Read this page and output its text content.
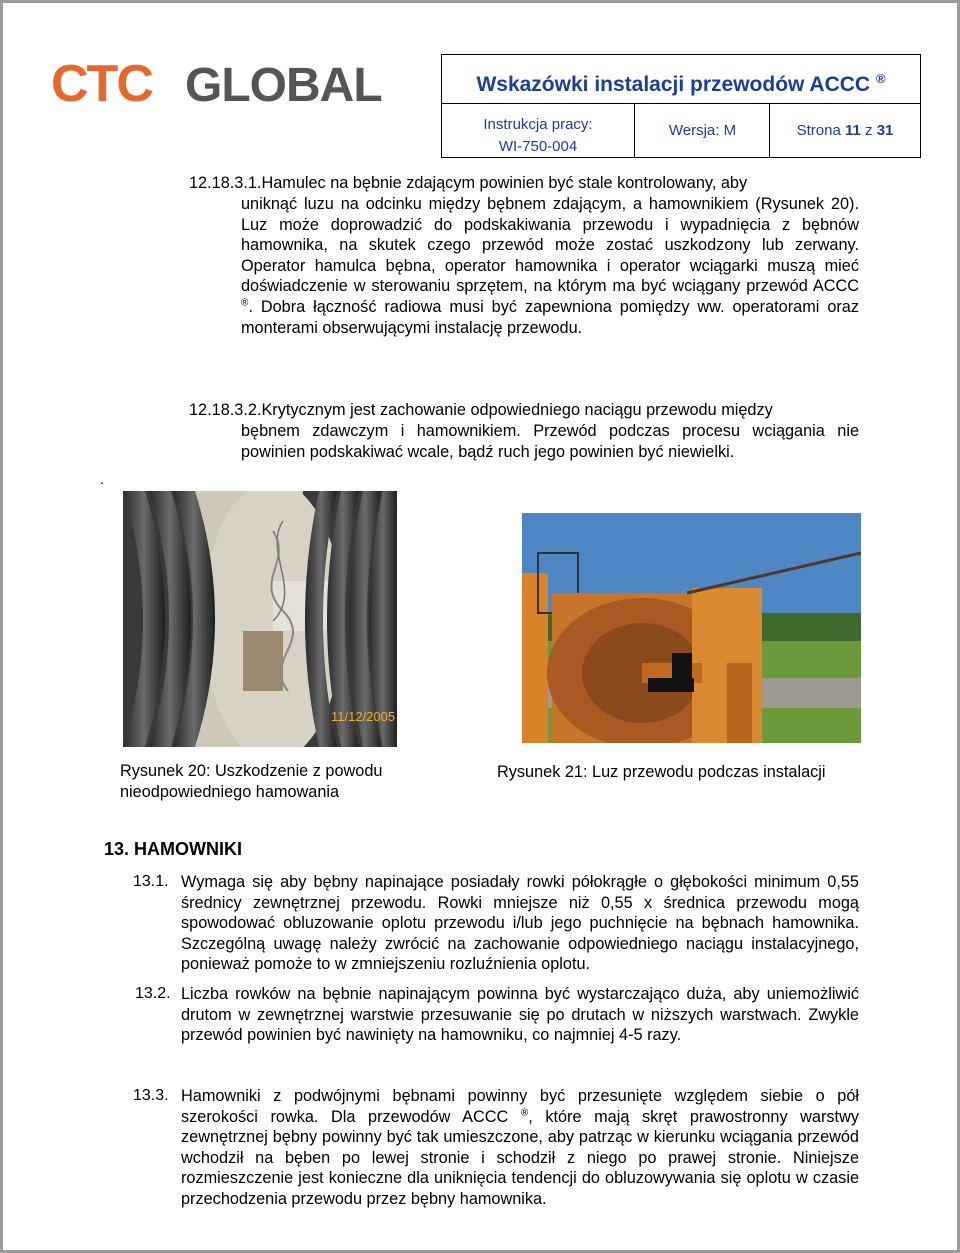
CTC GLOBAL	Wskazówki instalacji przewodów ACCC ®
Instrukcja pracy:
WI-750-004
Wersja: M	Strona 11 z 31
12.18.3.1.Hamulec na bębnie zdającym powinien być stale kontrolowany, aby
uniknąć luzu na odcinku między bębnem zdającym, a hamownikiem (Rysunek 20). Luz może doprowadzić do podskakiwania przewodu i wypadnięcia z bębnów hamownika, na skutek czego przewód może zostać uszkodzony lub zerwany. Operator hamulca bębna, operator hamownika i operator wciągarki muszą mieć doświadczenie w sterowaniu sprzętem, na którym ma być wciągany przewód ACCC ®. Dobra łączność radiowa musi być zapewniona pomiędzy ww. operatorami oraz monterami obserwującymi instalację przewodu.
12.18.3.2.Krytycznym jest zachowanie odpowiedniego naciągu przewodu między
bębnem zdawczym i hamownikiem. Przewód podczas procesu wciągania nie powinien podskakiwać wcale, bądź ruch jego powinien być niewielki.
.
11/12/2005
Rysunek 20: Uszkodzenie z powodu nieodpowiedniego hamowania
Rysunek 21: Luz przewodu podczas instalacji
13. HAMOWNIKI
13.1. Wymaga się aby bębny napinające posiadały rowki półokrągłe o głębokości minimum 0,55 średnicy zewnętrznej przewodu. Rowki mniejsze niż 0,55 x średnica przewodu mogą spowodować obluzowanie oplotu przewodu i/lub jego puchnięcie na bębnach hamownika. Szczególną uwagę należy zwrócić na zachowanie odpowiedniego naciągu instalacyjnego, ponieważ pomoże to w zmniejszeniu rozluźnienia oplotu.
13.2. Liczba rowków na bębnie napinającym powinna być wystarczająco duża, aby uniemożliwić drutom w zewnętrznej warstwie przesuwanie się po drutach w niższych warstwach. Zwykle przewód powinien być nawinięty na hamowniku, co najmniej 4-5 razy.
13.3. Hamowniki z podwójnymi bębnami powinny być przesunięte względem siebie o pół szerokości rowka. Dla przewodów ACCC ®, które mają skręt prawostronny warstwy zewnętrznej bębny powinny być tak umieszczone, aby patrząc w kierunku wciągania przewód wchodził na bęben po lewej stronie i schodził z niego po prawej stronie. Niniejsze rozmieszczenie jest konieczne dla uniknięcia tendencji do obluzowywania się oplotu w czasie przechodzenia przewodu przez bębny hamownika.
